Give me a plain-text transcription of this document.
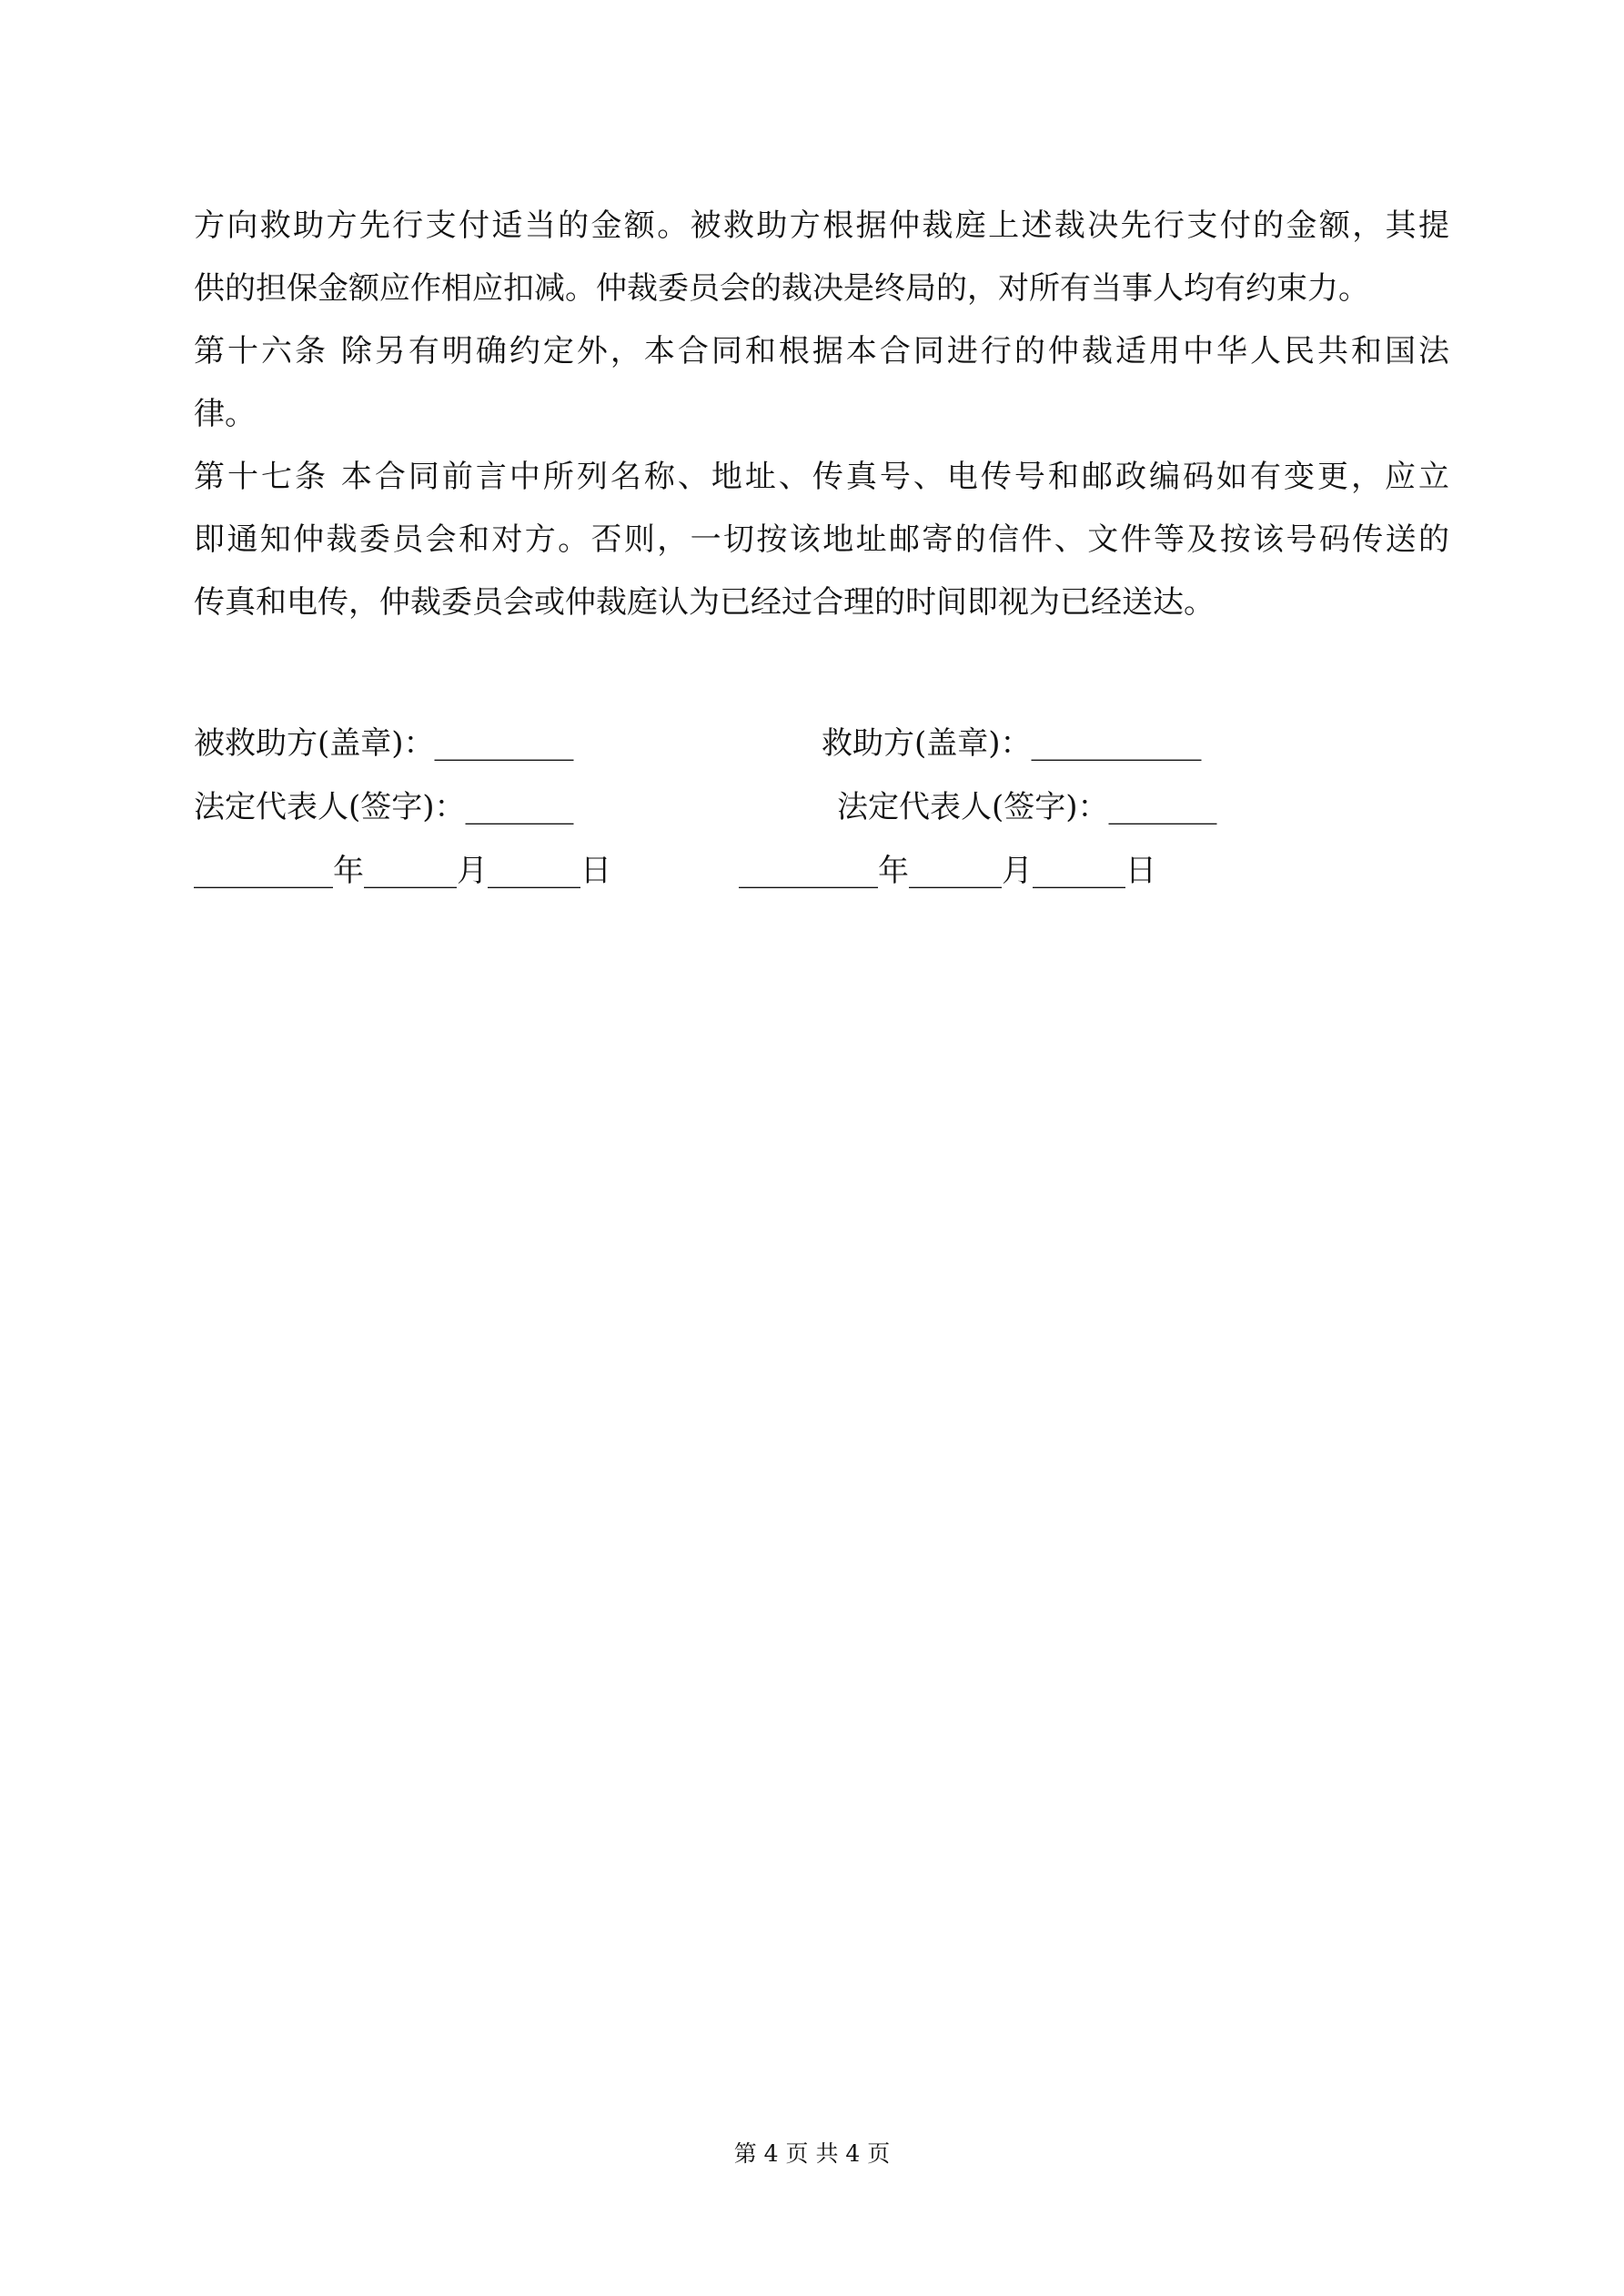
方向救助方先行支付适当的金额。被救助方根据仲裁庭上述裁决先行支付的金额，其提
供的担保金额应作相应扣减。仲裁委员会的裁决是终局的，对所有当事人均有约束力。
第十六条 除另有明确约定外，本合同和根据本合同进行的仲裁适用中华人民共和国法
律。
第十七条 本合同前言中所列名称、地址、传真号、电传号和邮政编码如有变更，应立
即通知仲裁委员会和对方。否则，一切按该地址邮寄的信件、文件等及按该号码传送的
传真和电传，仲裁委员会或仲裁庭认为已经过合理的时间即视为已经送达。
被救助方(盖章)：_________	救助方(盖章)：___________
法定代表人(签字)：_______	法定代表人(签字)：_______
_________年______月______日	_________年______月______日
第 4 页 共 4 页
